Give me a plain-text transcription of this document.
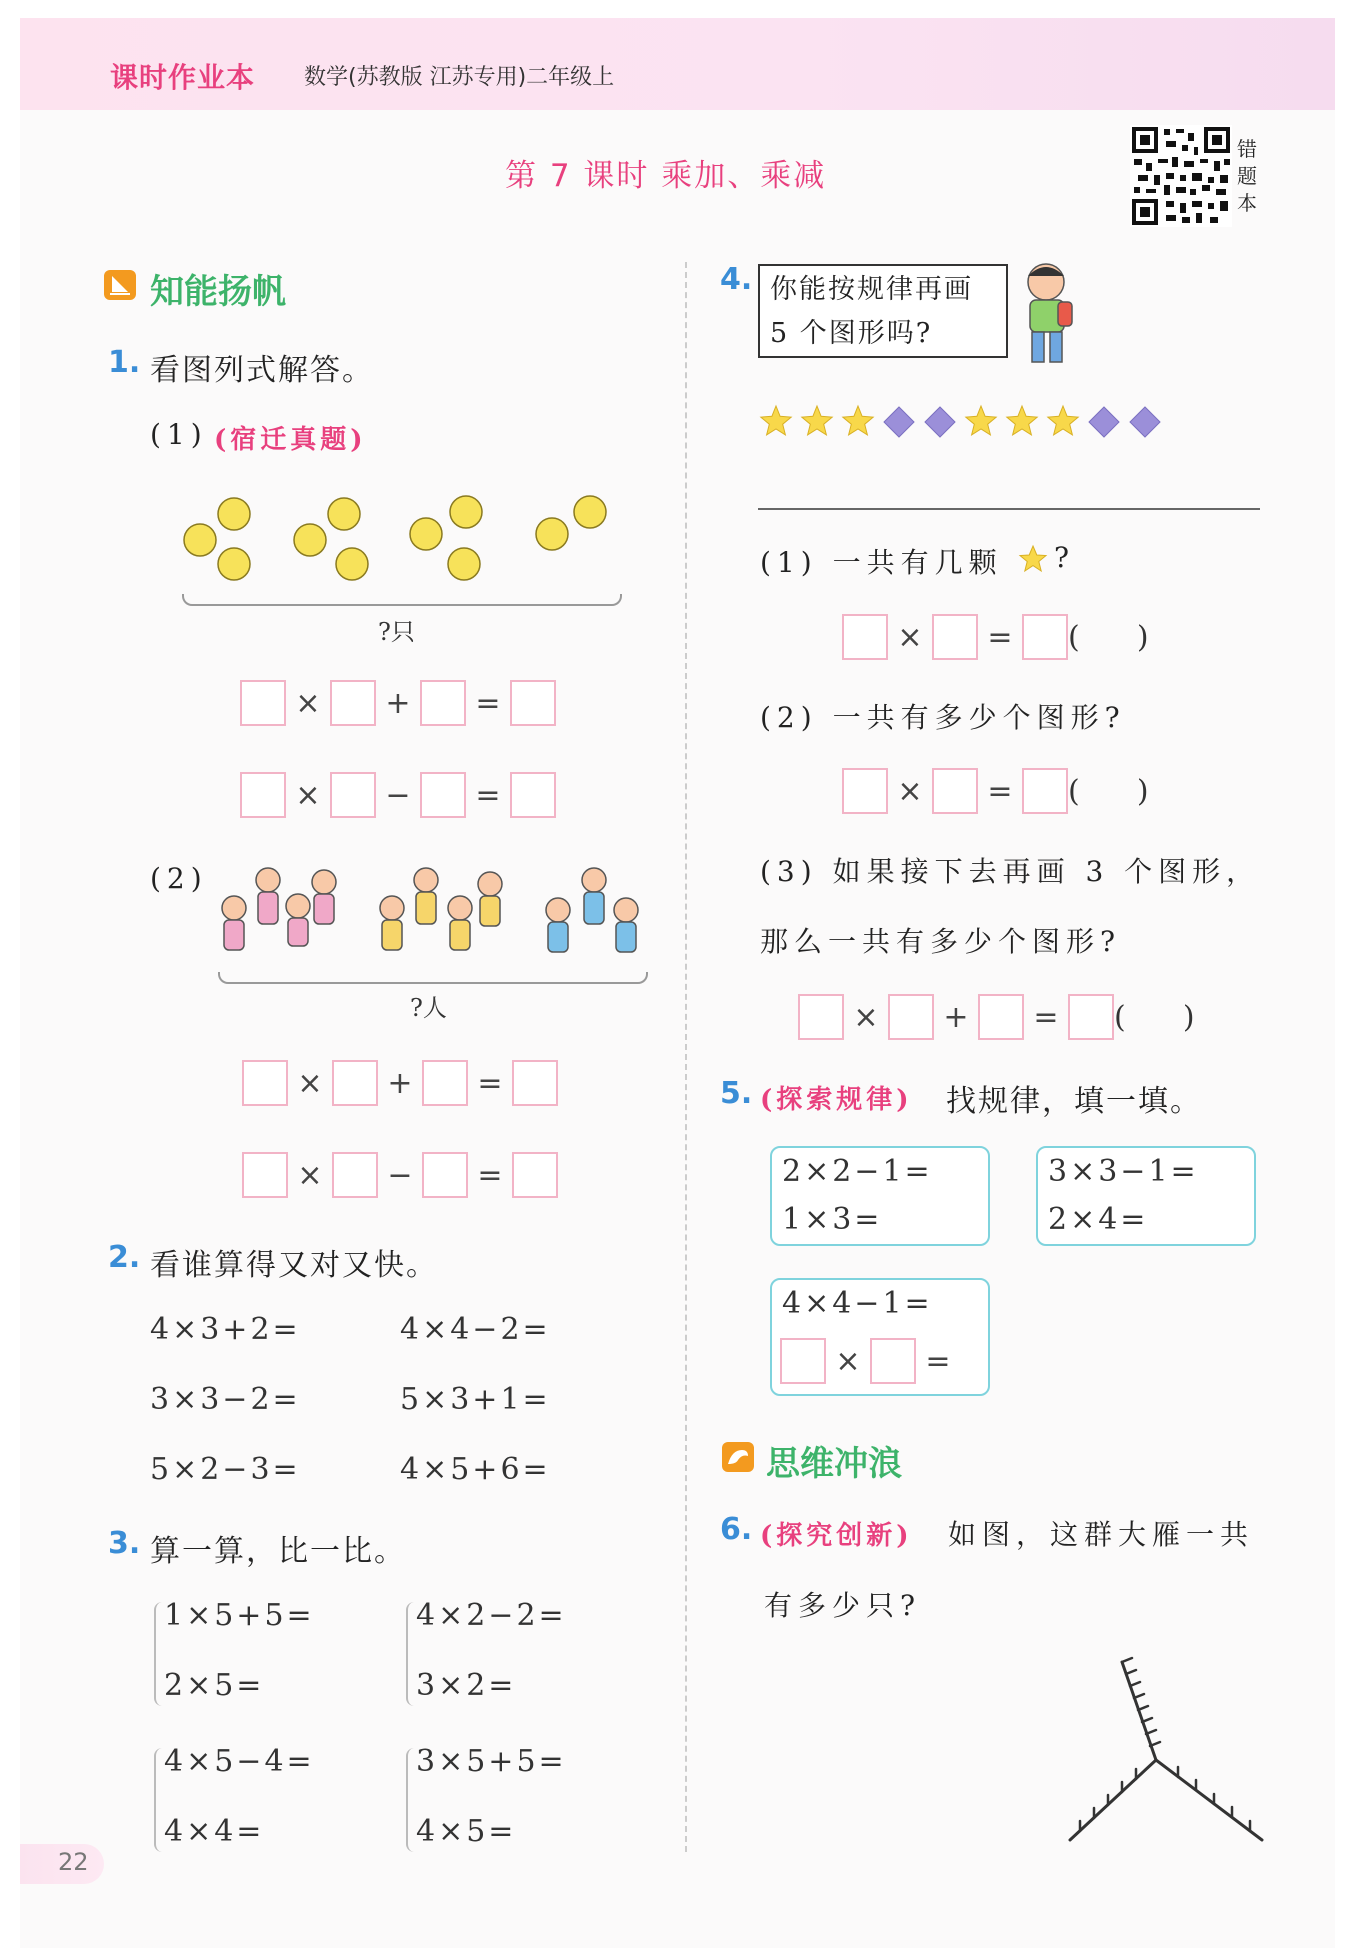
课时作业本 数学(苏教版 江苏专用)二年级上
第 7 课时 乘加、乘减
错题本
知能扬帆
1. 看图列式解答。
(1) (宿迁真题)
?只
×	+	=
×	−	=
(2)
?人
×	+	=
×	−	=
2. 看谁算得又对又快。
4×3+2=	4×4−2=
3×3−2=	5×3+1=
5×2−3=	4×5+6=
3. 算一算，比一比。
1×5+5=
2×5=
4×2−2=
3×2=
4×5−4=
4×4=
3×5+5=
4×5=
4. 你能按规律再画
5 个图形吗?
(1) 一共有几颗 ?
×	=	(      )
(2) 一共有多少个图形?
×	=	(      )
(3) 如果接下去再画 3 个图形，
那么一共有多少个图形?
×	+	=	(      )
5. (探索规律) 找规律，填一填。
2×2−1=
1×3=
3×3−1=
2×4=
4×4−1=
×	=
思维冲浪
6. (探究创新) 如图，这群大雁一共
有多少只?
22
